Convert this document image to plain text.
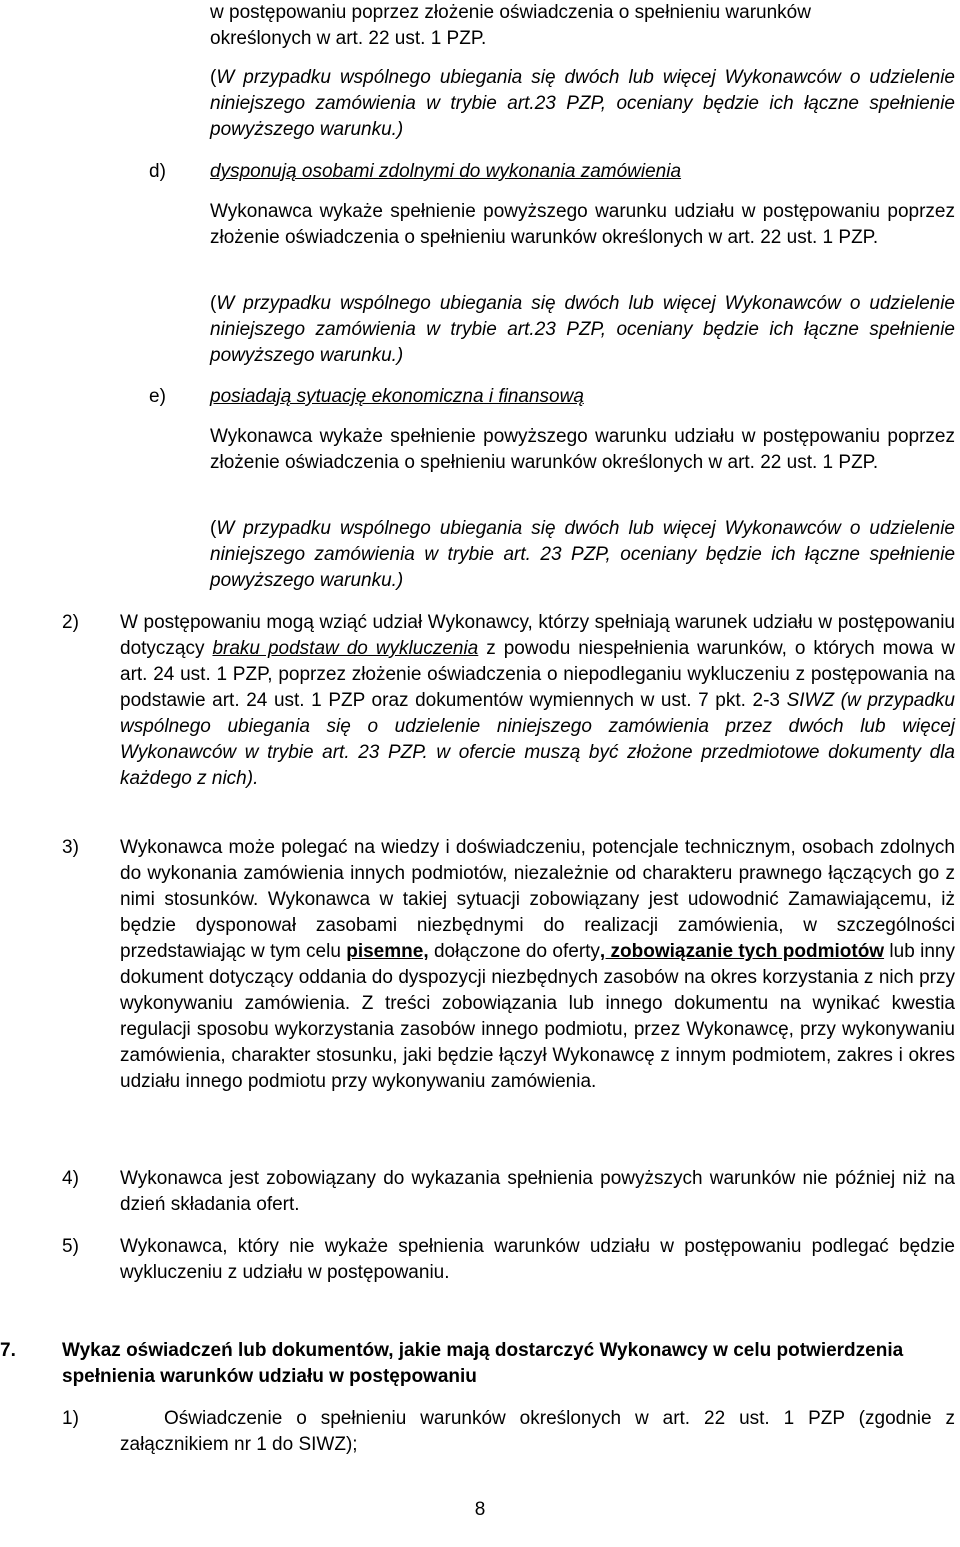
w postępowaniu poprzez złożenie oświadczenia o spełnieniu warunków
określonych w art. 22 ust. 1 PZP.

(W przypadku wspólnego ubiegania się dwóch lub więcej Wykonawców o udzielenie niniejszego zamówienia w trybie art.23 PZP, oceniany będzie ich łączne spełnienie powyższego warunku.)

d) dysponują osobami zdolnymi do wykonania zamówienia

Wykonawca wykaże spełnienie powyższego warunku udziału w postępowaniu poprzez złożenie oświadczenia o spełnieniu warunków określonych w art. 22 ust. 1 PZP.

(W przypadku wspólnego ubiegania się dwóch lub więcej Wykonawców o udzielenie niniejszego zamówienia w trybie art.23 PZP, oceniany będzie ich łączne spełnienie powyższego warunku.)

e) posiadają sytuację ekonomiczna i finansową

Wykonawca wykaże spełnienie powyższego warunku udziału w postępowaniu poprzez złożenie oświadczenia o spełnieniu warunków określonych w art. 22 ust. 1 PZP.

(W przypadku wspólnego ubiegania się dwóch lub więcej Wykonawców o udzielenie niniejszego zamówienia w trybie art. 23 PZP, oceniany będzie ich łączne spełnienie powyższego warunku.)

2) W postępowaniu mogą wziąć udział Wykonawcy, którzy spełniają warunek udziału w postępowaniu dotyczący braku podstaw do wykluczenia z powodu niespełnienia warunków, o których mowa w art. 24 ust. 1 PZP, poprzez złożenie oświadczenia o niepodleganiu wykluczeniu z postępowania na podstawie art. 24 ust. 1 PZP oraz dokumentów wymiennych w ust. 7 pkt. 2-3 SIWZ (w przypadku wspólnego ubiegania się o udzielenie niniejszego zamówienia przez dwóch lub więcej Wykonawców w trybie art. 23 PZP. w ofercie muszą być złożone przedmiotowe dokumenty dla każdego z nich).

3) Wykonawca może polegać na wiedzy i doświadczeniu, potencjale technicznym, osobach zdolnych do wykonania zamówienia innych podmiotów, niezależnie od charakteru prawnego łączących go z nimi stosunków. Wykonawca w takiej sytuacji zobowiązany jest udowodnić Zamawiającemu, iż będzie dysponował zasobami niezbędnymi do realizacji zamówienia, w szczególności przedstawiając w tym celu pisemne, dołączone do oferty, zobowiązanie tych podmiotów lub inny dokument dotyczący oddania do dyspozycji niezbędnych zasobów na okres korzystania z nich przy wykonywaniu zamówienia. Z treści zobowiązania lub innego dokumentu na wynikać kwestia regulacji sposobu wykorzystania zasobów innego podmiotu, przez Wykonawcę, przy wykonywaniu zamówienia, charakter stosunku, jaki będzie łączył Wykonawcę z innym podmiotem, zakres i okres udziału innego podmiotu przy wykonywaniu zamówienia.

4) Wykonawca jest zobowiązany do wykazania spełnienia powyższych warunków nie później niż na dzień składania ofert.

5) Wykonawca, który nie wykaże spełnienia warunków udziału w postępowaniu podlegać będzie wykluczeniu z udziału w postępowaniu.

7. Wykaz oświadczeń lub dokumentów, jakie mają dostarczyć Wykonawcy w celu potwierdzenia spełnienia warunków udziału w postępowaniu

1)	Oświadczenie o spełnieniu warunków określonych w art. 22 ust. 1 PZP (zgodnie z załącznikiem nr 1 do SIWZ);

8
